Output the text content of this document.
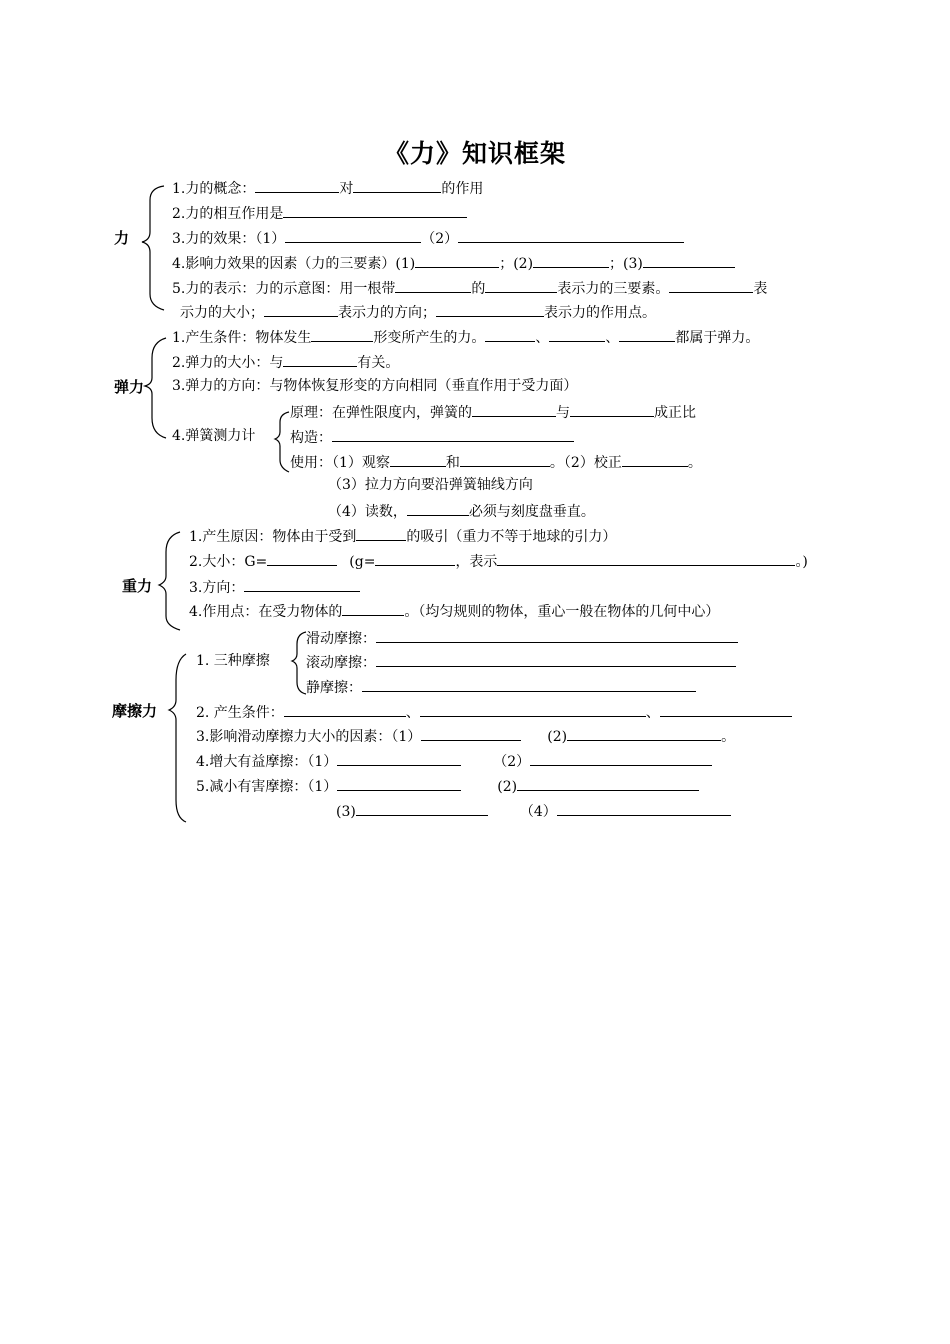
《力》知识框架
力
1.力的概念：	对	的作用
2.力的相互作用是
3.力的效果：（1）	（2）
4.影响力效果的因素（力的三要素）(1)	；(2)	；(3)
5.力的表示：力的示意图：用一根带	的	表示力的三要素。	表
示力的大小；	表示力的方向；	表示力的作用点。
弹力
1.产生条件：物体发生	形变所产生的力。	、	、	都属于弹力。
2.弹力的大小：与	有关。
3.弹力的方向：与物体恢复形变的方向相同（垂直作用于受力面）
4.弹簧测力计
原理：在弹性限度内，弹簧的	与	成正比
构造：
使用：（1）观察	和	。（2）校正	。
（3）拉力方向要沿弹簧轴线方向
（4）读数，	必须与刻度盘垂直。
重力
1.产生原因：物体由于受到	的吸引（重力不等于地球的引力）
2.大小：G=	(g=	，表示	。)
3.方向：
4.作用点：在受力物体的	。（均匀规则的物体，重心一般在物体的几何中心）
摩擦力
1. 三种摩擦
滑动摩擦：
滚动摩擦：
静摩擦：
2. 产生条件：	、	、
3.影响滑动摩擦力大小的因素：（1）	(2)	。
4.增大有益摩擦：（1）	（2）
5.减小有害摩擦：（1）	(2)
(3)	（4）
